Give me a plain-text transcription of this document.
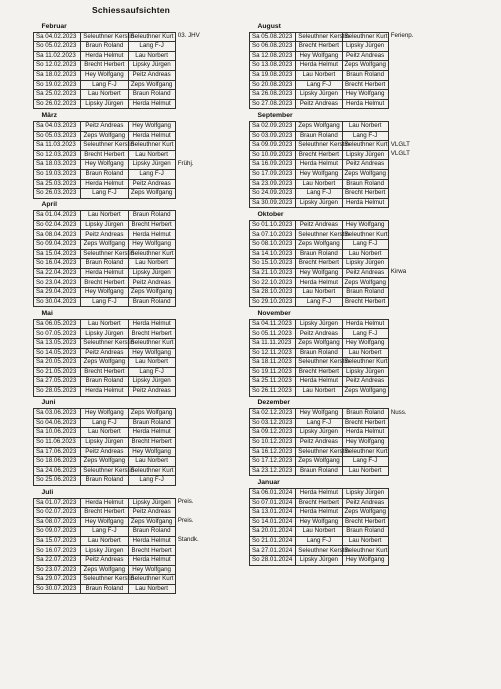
Schiessaufsichten
Februar			
Sa 04.02.2023	Seleuthner Kerstin	Seleuthner Kurt	03. JHV

So 05.02.2023	Braun Roland	Lang F-J	

Sa 11.02.2023	Herda Helmut	Lau Norbert	

So 12.02.2023	Brecht Herbert	Lipsky Jürgen	

Sa 18.02.2023	Hey Wolfgang	Peitz Andreas	

So 19.02.2023	Lang F-J	Zeps Wolfgang	

Sa 25.02.2023	Lau Norbert	Braun Roland	

So 26.02.2023	Lipsky Jürgen	Herda Helmut	

März			
Sa 04.03.2023	Peitz Andreas	Hey Wolfgang	

So 05.03.2023	Zeps Wolfgang	Herda Helmut	

Sa 11.03.2023	Seleuthner Kerstin	Seleuthner Kurt	

So 12.03.2023	Brecht Herbert	Lau Norbert	

Sa 18.03.2023	Hey Wolfgang	Lipsky Jürgen	Frühj.

So 19.03.2023	Braun Roland	Lang F-J	

Sa 25.03.2023	Herda Helmut	Peitz Andreas	

So 26.03.2023	Lang F-J	Zeps Wolfgang	

April			
Sa 01.04.2023	Lau Norbert	Braun Roland	

So 02.04.2023	Lipsky Jürgen	Brecht Herbert	

Sa 08.04.2023	Peitz Andreas	Herda Helmut	

So 09.04.2023	Zeps Wolfgang	Hey Wolfgang	

Sa 15.04.2023	Seleuthner Kerstin	Seleuthner Kurt	

So 16.04.2023	Braun Roland	Lau Norbert	

Sa 22.04.2023	Herda Helmut	Lipsky Jürgen	

So 23.04.2023	Brecht Herbert	Peitz Andreas	

Sa 29.04.2023	Hey Wolfgang	Zeps Wolfgang	

So 30.04.2023	Lang F-J	Braun Roland	

Mai			
Sa 06.05.2023	Lau Norbert	Herda Helmut	

So 07.05.2023	Lipsky Jürgen	Brecht Herbert	

Sa 13.05.2023	Seleuthner Kerstin	Seleuthner Kurt	

So 14.05.2023	Peitz Andreas	Hey Wolfgang	

Sa 20.05.2023	Zeps Wolfgang	Lau Norbert	

So 21.05.2023	Brecht Herbert	Lang F-J	

Sa 27.05.2023	Braun Roland	Lipsky Jürgen	

So 28.05.2023	Herda Helmut	Peitz Andreas	

Juni			
Sa 03.06.2023	Hey Wolfgang	Zeps Wolfgang	

So 04.06.2023	Lang F-J	Braun Roland	

Sa 10.06.2023	Lau Norbert	Herda Helmut	

So 11.06.2023	Lipsky Jürgen	Brecht Herbert	

Sa 17.06.2023	Peitz Andreas	Hey Wolfgang	

So 18.06.2023	Zeps Wolfgang	Lau Norbert	

Sa 24.06.2023	Seleuthner Kerstin	Seleuthner Kurt	

So 25.06.2023	Braun Roland	Lang F-J	

Juli			
Sa 01.07.2023	Herda Helmut	Lipsky Jürgen	Preis.

So 02.07.2023	Brecht Herbert	Peitz Andreas	

Sa 08.07.2023	Hey Wolfgang	Zeps Wolfgang	Preis.

So 09.07.2023	Lang F-J	Braun Roland	

Sa 15.07.2023	Lau Norbert	Herda Helmut	Standk.

So 16.07.2023	Lipsky Jürgen	Brecht Herbert	

Sa 22.07.2023	Peitz Andreas	Herda Helmut	

So 23.07.2023	Zeps Wolfgang	Hey Wolfgang	

Sa 29.07.2023	Seleuthner Kerstin	Seleuthner Kurt	

So 30.07.2023	Braun Roland	Lau Norbert	
August			
Sa 05.08.2023	Seleuthner Kerstin	Seleuthner Kurt	Ferienp.

So 06.08.2023	Brecht Herbert	Lipsky Jürgen	

Sa 12.08.2023	Hey Wolfgang	Peitz Andreas	

So 13.08.2023	Herda Helmut	Zeps Wolfgang	

Sa 19.08.2023	Lau Norbert	Braun Roland	

So 20.08.2023	Lang F-J	Brecht Herbert	

Sa 26.08.2023	Lipsky Jürgen	Hey Wolfgang	

So 27.08.2023	Peitz Andreas	Herda Helmut	

September			
Sa 02.09.2023	Zeps Wolfgang	Lau Norbert	

So 03.09.2023	Braun Roland	Lang F-J	

Sa 09.09.2023	Seleuthner Kerstin	Seleuthner Kurt	VLGLT

So 10.09.2023	Brecht Herbert	Lipsky Jürgen	VLGLT

Sa 16.09.2023	Herda Helmut	Peitz Andreas	

So 17.09.2023	Hey Wolfgang	Zeps Wolfgang	

Sa 23.09.2023	Lau Norbert	Braun Roland	

So 24.09.2023	Lang F-J	Brecht Herbert	

Sa 30.09.2023	Lipsky Jürgen	Herda Helmut	

Oktober			
So 01.10.2023	Peitz Andreas	Hey Wolfgang	

Sa 07.10.2023	Seleuthner Kerstin	Seleuthner Kurt	

So 08.10.2023	Zeps Wolfgang	Lang F-J	

Sa 14.10.2023	Braun Roland	Lau Norbert	

So 15.10.2023	Brecht Herbert	Lipsky Jürgen	

Sa 21.10.2023	Hey Wolfgang	Peitz Andreas	Kirwa

So 22.10.2023	Herda Helmut	Zeps Wolfgang	

Sa 28.10.2023	Lau Norbert	Braun Roland	

So 29.10.2023	Lang F-J	Brecht Herbert	

November			
Sa 04.11.2023	Lipsky Jürgen	Herda Helmut	

So 05.11.2023	Peitz Andreas	Lang F-J	

Sa 11.11.2023	Zeps Wolfgang	Hey Wolfgang	

So 12.11.2023	Braun Roland	Lau Norbert	

Sa 18.11.2023	Seleuthner Kerstin	Seleuthner Kurt	

So 19.11.2023	Brecht Herbert	Lipsky Jürgen	

Sa 25.11.2023	Herda Helmut	Peitz Andreas	

So 26.11.2023	Lau Norbert	Zeps Wolfgang	

Dezember			
Sa 02.12.2023	Hey Wolfgang	Braun Roland	Nuss.

So 03.12.2023	Lang F-J	Brecht Herbert	

Sa 09.12.2023	Lipsky Jürgen	Herda Helmut	

So 10.12.2023	Peitz Andreas	Hey Wolfgang	

Sa 16.12.2023	Seleuthner Kerstin	Seleuthner Kurt	

So 17.12.2023	Zeps Wolfgang	Lang F-J	

Sa 23.12.2023	Braun Roland	Lau Norbert	

Januar			
Sa 06.01.2024	Herda Helmut	Lipsky Jürgen	

So 07.01.2024	Brecht Herbert	Peitz Andreas	

Sa 13.01.2024	Herda Helmut	Zeps Wolfgang	

So 14.01.2024	Hey Wolfgang	Brecht Herbert	

Sa 20.01.2024	Lau Norbert	Braun Roland	

So 21.01.2024	Lang F-J	Lau Norbert	

Sa 27.01.2024	Seleuthner Kerstin	Seleuthner Kurt	

So 28.01.2024	Lipsky Jürgen	Hey Wolfgang	
